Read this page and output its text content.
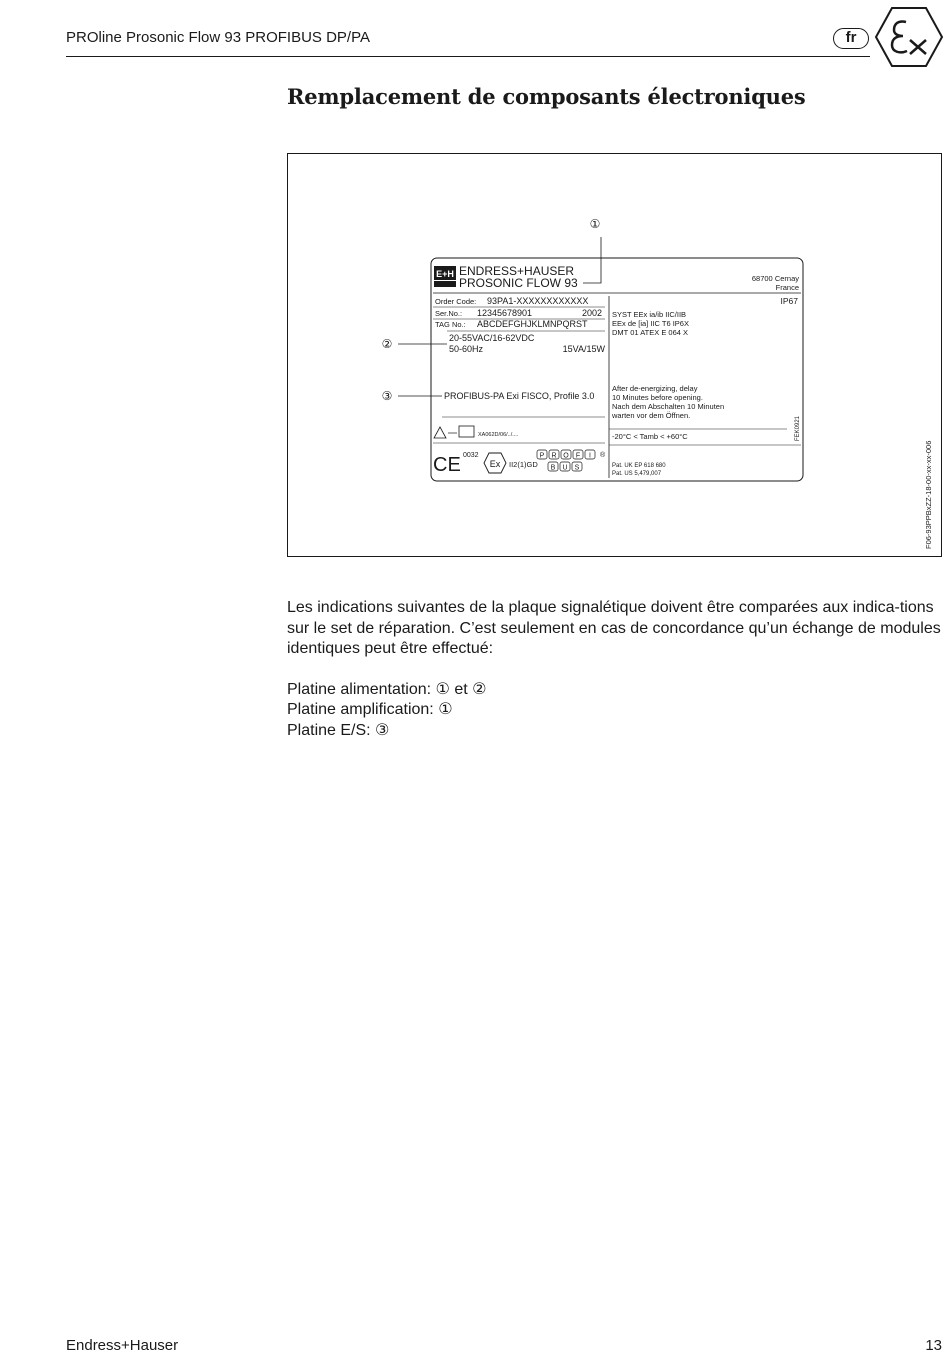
PROline Prosonic Flow 93 PROFIBUS DP/PA	fr
Remplacement de composants électroniques
①
②
③
E+H ENDRESS+HAUSER
PROSONIC FLOW 93	68700 Cernay
France
IP67
Order Code: 93PA1-XXXXXXXXXXXX
Ser.No.: 12345678901	2002
TAG No.: ABCDEFGHJKLMNPQRST
20-55VAC/16-62VDC
50-60Hz	15VA/15W
SYST EEx ia/ib IIC/IIB
EEx de [ia] IIC T6 IP6X
DMT 01 ATEX E 064 X
PROFIBUS-PA Exi FISCO, Profile 3.0
After de-energizing, delay
10 Minutes before opening.
Nach dem Abschalten 10 Minuten
warten vor dem Öffnen.
-20°C < Tamb < +60°C	FEK0921
XA062D/06/../....
CE 0032
Ex II2(1)GD
P R O F I
B U S
®
Pat. UK EP 618 680
Pat. US 5,479,007	F06-93PPBxZZ-18-00-xx-xx-006

Les indications suivantes de la plaque signalétique doivent être comparées aux indica-tions sur le set de réparation. C’est seulement en cas de concordance qu’un échange de modules identiques peut être effectué:

Platine alimentation: ① et ②
Platine amplification: ①
Platine E/S: ③
Endress+Hauser	13
